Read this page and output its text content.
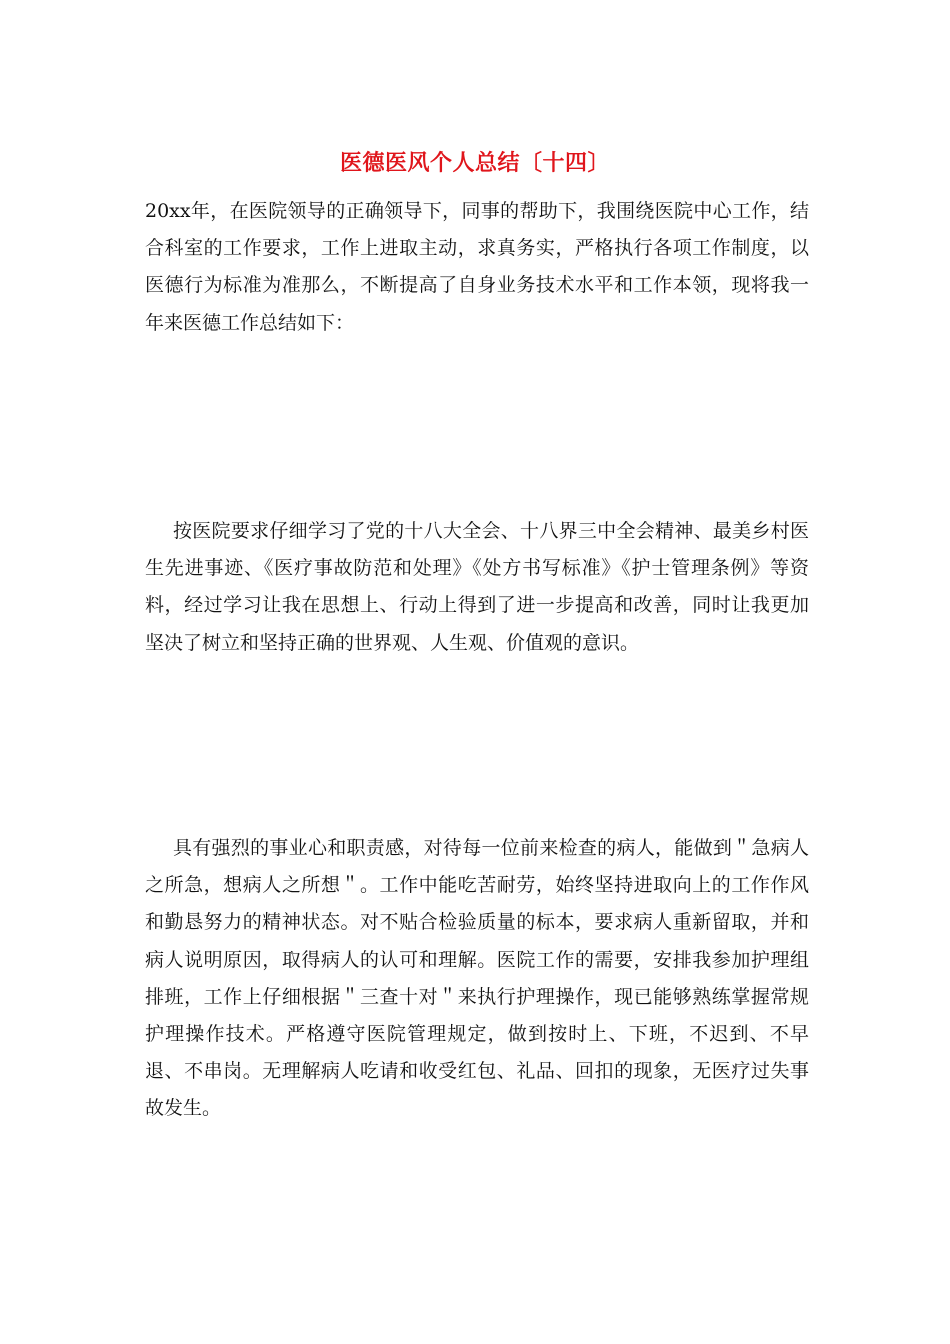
医德医风个人总结〔十四〕

20xx年，在医院领导的正确领导下，同事的帮助下，我围绕医院中心工作，结合科室的工作要求，工作上进取主动，求真务实，严格执行各项工作制度，以医德行为标准为准那么，不断提高了自身业务技术水平和工作本领，现将我一年来医德工作总结如下：

按医院要求仔细学习了党的十八大全会、十八界三中全会精神、最美乡村医生先进事迹、《医疗事故防范和处理》《处方书写标准》《护士管理条例》等资料，经过学习让我在思想上、行动上得到了进一步提高和改善，同时让我更加坚决了树立和坚持正确的世界观、人生观、价值观的意识。

具有强烈的事业心和职责感，对待每一位前来检查的病人，能做到＂急病人之所急，想病人之所想＂。工作中能吃苦耐劳，始终坚持进取向上的工作作风和勤恳努力的精神状态。对不贴合检验质量的标本，要求病人重新留取，并和病人说明原因，取得病人的认可和理解。医院工作的需要，安排我参加护理组排班，工作上仔细根据＂三查十对＂来执行护理操作，现已能够熟练掌握常规护理操作技术。严格遵守医院管理规定，做到按时上、下班，不迟到、不早退、不串岗。无理解病人吃请和收受红包、礼品、回扣的现象，无医疗过失事故发生。
